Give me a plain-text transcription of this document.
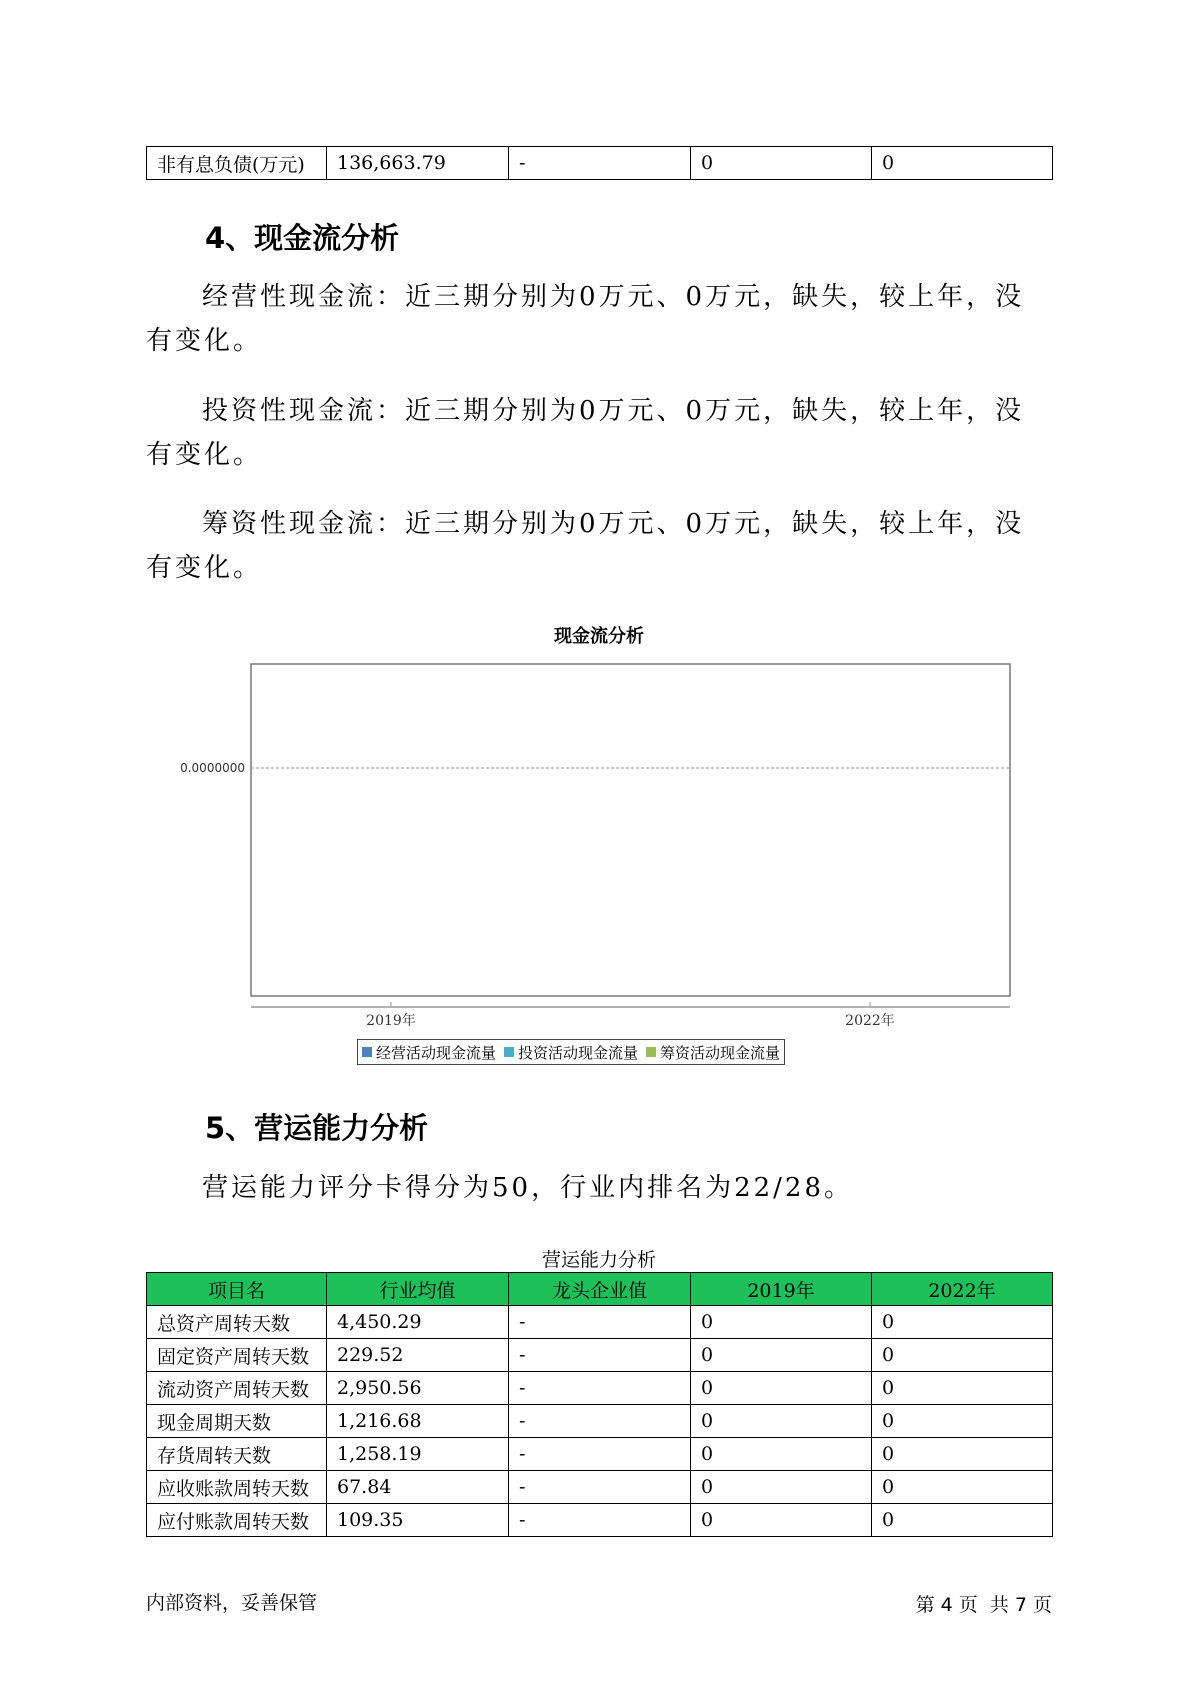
非有息负债(万元)	136,663.79	-	0	0
4、现金流分析
经营性现金流：近三期分别为0万元、0万元，缺失，较上年，没有变化。
投资性现金流：近三期分别为0万元、0万元，缺失，较上年，没有变化。
筹资性现金流：近三期分别为0万元、0万元，缺失，较上年，没有变化。
现金流分析
0.0000000
2019年	2022年
经营活动现金流量 投资活动现金流量 筹资活动现金流量
5、营运能力分析
营运能力评分卡得分为50，行业内排名为22/28。
营运能力分析
项目名	行业均值	龙头企业值	2019年	2022年
总资产周转天数	4,450.29	-	0	0
固定资产周转天数	229.52	-	0	0
流动资产周转天数	2,950.56	-	0	0
现金周期天数	1,216.68	-	0	0
存货周转天数	1,258.19	-	0	0
应收账款周转天数	67.84	-	0	0
应付账款周转天数	109.35	-	0	0
内部资料，妥善保管	第 4 页  共 7 页
